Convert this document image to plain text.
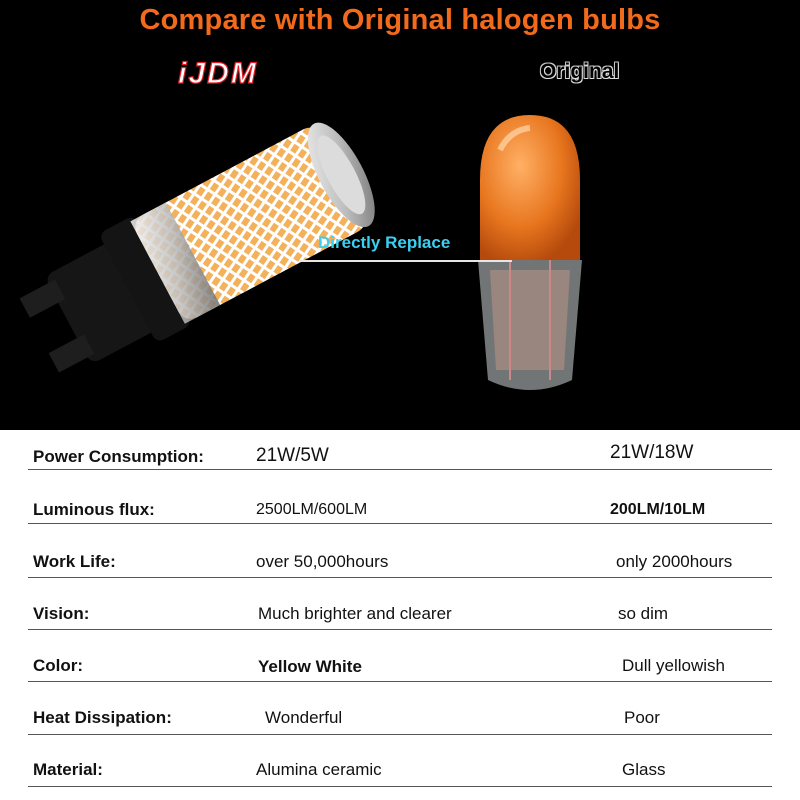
Compare with Original halogen bulbs
iJDM	Original
Directly Replace
Power Consumption:	21W/5W	21W/18W
Luminous flux:	2500LM/600LM	200LM/10LM
Work Life:	over 50,000hours	only 2000hours
Vision:	Much brighter and clearer	so dim
Color:	Yellow White	Dull yellowish
Heat Dissipation:	Wonderful	Poor
Material:	Alumina ceramic	Glass
